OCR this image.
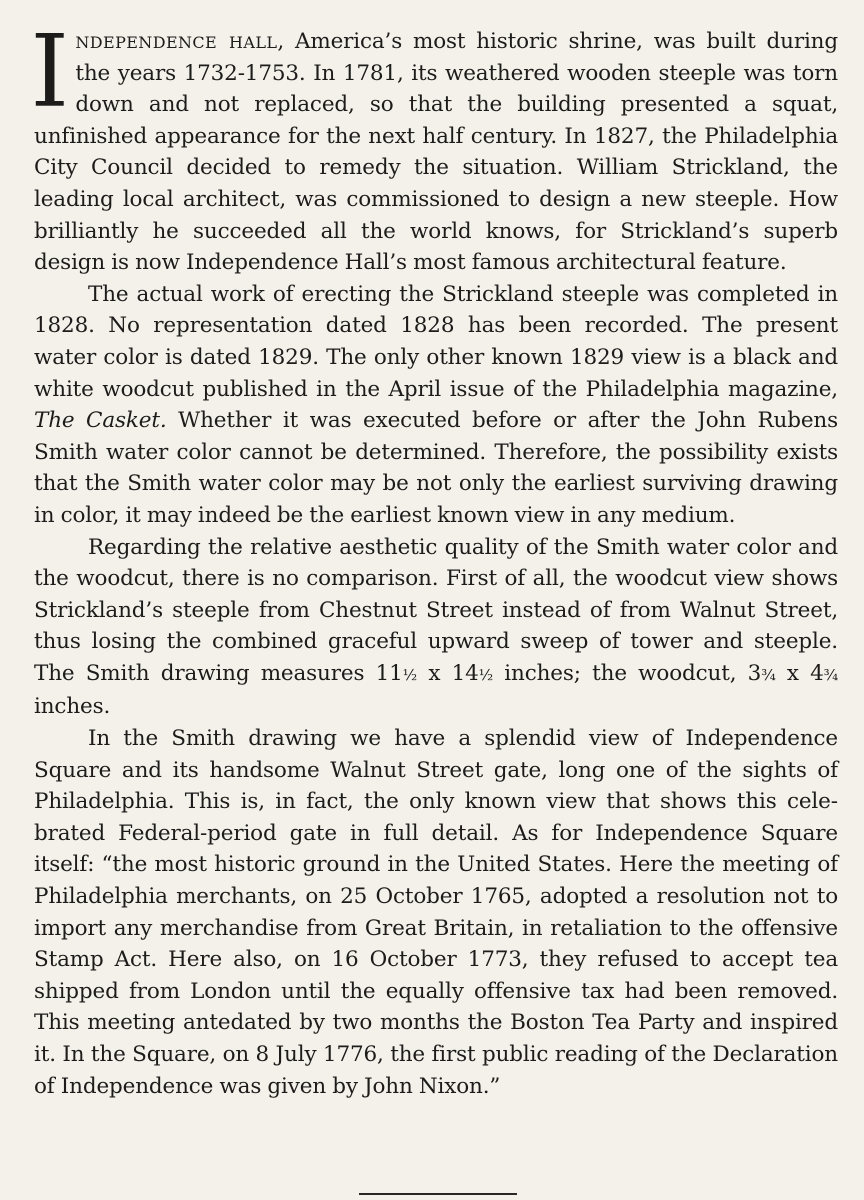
Independence hall, America’s most historic shrine, was built during the years 1732-1753. In 1781, its weathered wooden steeple was torn down and not replaced, so that the building presented a squat, unfinished appearance for the next half century. In 1827, the Philadelphia City Council decided to remedy the situation. William Strickland, the leading local architect, was commissioned to design a new steeple. How brilliantly he succeeded all the world knows, for Strickland’s superb design is now Independence Hall’s most famous architectural feature.

The actual work of erecting the Strickland steeple was completed in 1828. No representation dated 1828 has been recorded. The present water color is dated 1829. The only other known 1829 view is a black and white woodcut published in the April issue of the Philadelphia magazine, The Casket. Whether it was executed before or after the John Rubens Smith water color cannot be determined. Therefore, the possibility exists that the Smith water color may be not only the earliest surviving drawing in color, it may indeed be the earliest known view in any medium.

Regarding the relative aesthetic quality of the Smith water color and the woodcut, there is no comparison. First of all, the woodcut view shows Strickland’s steeple from Chestnut Street instead of from Walnut Street, thus losing the combined graceful upward sweep of tower and steeple. The Smith drawing measures 11½ x 14½ inches; the woodcut, 3¾ x 4¾ inches.

In the Smith drawing we have a splendid view of Independence Square and its handsome Walnut Street gate, long one of the sights of Philadelphia. This is, in fact, the only known view that shows this celebrated Federal-period gate in full detail. As for Independence Square itself: “the most historic ground in the United States. Here the meeting of Philadelphia merchants, on 25 October 1765, adopted a resolution not to import any merchandise from Great Britain, in retaliation to the offensive Stamp Act. Here also, on 16 October 1773, they refused to accept tea shipped from London until the equally offensive tax had been removed. This meeting antedated by two months the Boston Tea Party and inspired it. In the Square, on 8 July 1776, the first public reading of the Declaration of Independence was given by John Nixon.”
